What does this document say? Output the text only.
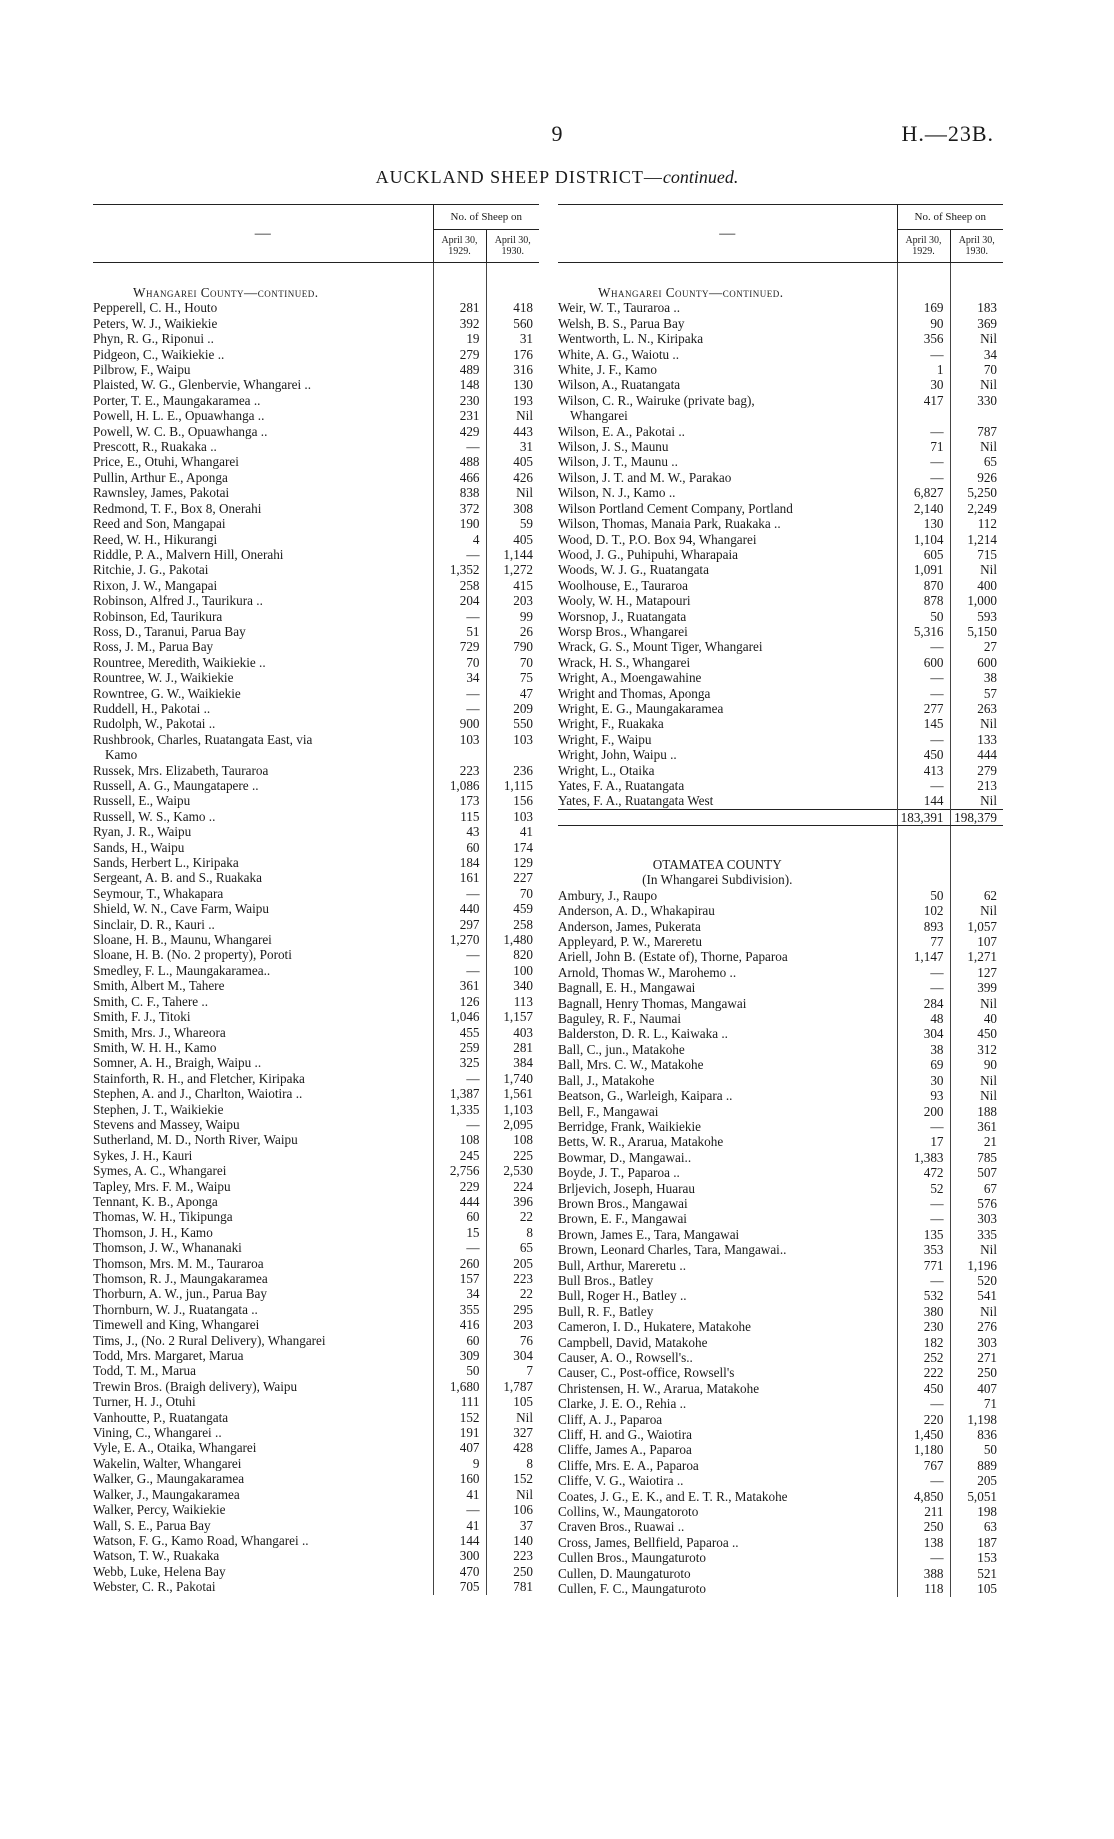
9	H.—23B.
AUCKLAND SHEEP DISTRICT—continued.
—	No. of Sheep on	
	April 30, 1929.	April 30, 1930.

Whangarei County—continued.		
Pepperell, C. H., Houto	281	418
Peters, W. J., Waikiekie	392	560
Phyn, R. G., Riponui ..	19	31
Pidgeon, C., Waikiekie ..	279	176
Pilbrow, F., Waipu	489	316
Plaisted, W. G., Glenbervie, Whangarei ..	148	130
Porter, T. E., Maungakaramea ..	230	193
Powell, H. L. E., Opuawhanga ..	231	Nil
Powell, W. C. B., Opuawhanga ..	429	443
Prescott, R., Ruakaka ..	—	31
Price, E., Otuhi, Whangarei	488	405
Pullin, Arthur E., Aponga	466	426
Rawnsley, James, Pakotai	838	Nil
Redmond, T. F., Box 8, Onerahi	372	308
Reed and Son, Mangapai	190	59
Reed, W. H., Hikurangi	4	405
Riddle, P. A., Malvern Hill, Onerahi	—	1,144
Ritchie, J. G., Pakotai	1,352	1,272
Rixon, J. W., Mangapai	258	415
Robinson, Alfred J., Taurikura ..	204	203
Robinson, Ed, Taurikura	—	99
Ross, D., Taranui, Parua Bay	51	26
Ross, J. M., Parua Bay	729	790
Rountree, Meredith, Waikiekie ..	70	70
Rountree, W. J., Waikiekie	34	75
Rowntree, G. W., Waikiekie	—	47
Ruddell, H., Pakotai ..	—	209
Rudolph, W., Pakotai ..	900	550
Rushbrook, Charles, Ruatangata East, via	103	103
Kamo		
Russek, Mrs. Elizabeth, Tauraroa	223	236
Russell, A. G., Maungatapere ..	1,086	1,115
Russell, E., Waipu	173	156
Russell, W. S., Kamo ..	115	103
Ryan, J. R., Waipu	43	41
Sands, H., Waipu	60	174
Sands, Herbert L., Kiripaka	184	129
Sergeant, A. B. and S., Ruakaka	161	227
Seymour, T., Whakapara	—	70
Shield, W. N., Cave Farm, Waipu	440	459
Sinclair, D. R., Kauri ..	297	258
Sloane, H. B., Maunu, Whangarei	1,270	1,480
Sloane, H. B. (No. 2 property), Poroti	—	820
Smedley, F. L., Maungakaramea..	—	100
Smith, Albert M., Tahere	361	340
Smith, C. F., Tahere ..	126	113
Smith, F. J., Titoki	1,046	1,157
Smith, Mrs. J., Whareora	455	403
Smith, W. H. H., Kamo	259	281
Somner, A. H., Braigh, Waipu ..	325	384
Stainforth, R. H., and Fletcher, Kiripaka	—	1,740
Stephen, A. and J., Charlton, Waiotira ..	1,387	1,561
Stephen, J. T., Waikiekie	1,335	1,103
Stevens and Massey, Waipu	—	2,095
Sutherland, M. D., North River, Waipu	108	108
Sykes, J. H., Kauri	245	225
Symes, A. C., Whangarei	2,756	2,530
Tapley, Mrs. F. M., Waipu	229	224
Tennant, K. B., Aponga	444	396
Thomas, W. H., Tikipunga	60	22
Thomson, J. H., Kamo	15	8
Thomson, J. W., Whananaki	—	65
Thomson, Mrs. M. M., Tauraroa	260	205
Thomson, R. J., Maungakaramea	157	223
Thorburn, A. W., jun., Parua Bay	34	22
Thornburn, W. J., Ruatangata ..	355	295
Timewell and King, Whangarei	416	203
Tims, J., (No. 2 Rural Delivery), Whangarei	60	76
Todd, Mrs. Margaret, Marua	309	304
Todd, T. M., Marua	50	7
Trewin Bros. (Braigh delivery), Waipu	1,680	1,787
Turner, H. J., Otuhi	111	105
Vanhoutte, P., Ruatangata	152	Nil
Vining, C., Whangarei ..	191	327
Vyle, E. A., Otaika, Whangarei	407	428
Wakelin, Walter, Whangarei	9	8
Walker, G., Maungakaramea	160	152
Walker, J., Maungakaramea	41	Nil
Walker, Percy, Waikiekie	—	106
Wall, S. E., Parua Bay	41	37
Watson, F. G., Kamo Road, Whangarei ..	144	140
Watson, T. W., Ruakaka	300	223
Webb, Luke, Helena Bay	470	250
Webster, C. R., Pakotai	705	781
—	No. of Sheep on	
	April 30, 1929.	April 30, 1930.

Whangarei County—continued.		
Weir, W. T., Tauraroa ..	169	183
Welsh, B. S., Parua Bay	90	369
Wentworth, L. N., Kiripaka	356	Nil
White, A. G., Waiotu ..	—	34
White, J. F., Kamo	1	70
Wilson, A., Ruatangata	30	Nil
Wilson, C. R., Wairuke (private bag),	417	330
Whangarei		
Wilson, E. A., Pakotai ..	—	787
Wilson, J. S., Maunu	71	Nil
Wilson, J. T., Maunu ..	—	65
Wilson, J. T. and M. W., Parakao	—	926
Wilson, N. J., Kamo ..	6,827	5,250
Wilson Portland Cement Company, Portland	2,140	2,249
Wilson, Thomas, Manaia Park, Ruakaka ..	130	112
Wood, D. T., P.O. Box 94, Whangarei	1,104	1,214
Wood, J. G., Puhipuhi, Wharapaia	605	715
Woods, W. J. G., Ruatangata	1,091	Nil
Woolhouse, E., Tauraroa	870	400
Wooly, W. H., Matapouri	878	1,000
Worsnop, J., Ruatangata	50	593
Worsp Bros., Whangarei	5,316	5,150
Wrack, G. S., Mount Tiger, Whangarei	—	27
Wrack, H. S., Whangarei	600	600
Wright, A., Moengawahine	—	38
Wright and Thomas, Aponga	—	57
Wright, E. G., Maungakaramea	277	263
Wright, F., Ruakaka	145	Nil
Wright, F., Waipu	—	133
Wright, John, Waipu ..	450	444
Wright, L., Otaika	413	279
Yates, F. A., Ruatangata	—	213
Yates, F. A., Ruatangata West	144	Nil
	183,391	198,379

OTAMATEA COUNTY		
(In Whangarei Subdivision).		
Ambury, J., Raupo	50	62
Anderson, A. D., Whakapirau	102	Nil
Anderson, James, Pukerata	893	1,057
Appleyard, P. W., Mareretu	77	107
Ariell, John B. (Estate of), Thorne, Paparoa	1,147	1,271
Arnold, Thomas W., Marohemo ..	—	127
Bagnall, E. H., Mangawai	—	399
Bagnall, Henry Thomas, Mangawai	284	Nil
Baguley, R. F., Naumai	48	40
Balderston, D. R. L., Kaiwaka ..	304	450
Ball, C., jun., Matakohe	38	312
Ball, Mrs. C. W., Matakohe	69	90
Ball, J., Matakohe	30	Nil
Beatson, G., Warleigh, Kaipara ..	93	Nil
Bell, F., Mangawai	200	188
Berridge, Frank, Waikiekie	—	361
Betts, W. R., Ararua, Matakohe	17	21
Bowmar, D., Mangawai..	1,383	785
Boyde, J. T., Paparoa ..	472	507
Brljevich, Joseph, Huarau	52	67
Brown Bros., Mangawai	—	576
Brown, E. F., Mangawai	—	303
Brown, James E., Tara, Mangawai	135	335
Brown, Leonard Charles, Tara, Mangawai..	353	Nil
Bull, Arthur, Mareretu ..	771	1,196
Bull Bros., Batley	—	520
Bull, Roger H., Batley ..	532	541
Bull, R. F., Batley	380	Nil
Cameron, I. D., Hukatere, Matakohe	230	276
Campbell, David, Matakohe	182	303
Causer, A. O., Rowsell's..	252	271
Causer, C., Post-office, Rowsell's	222	250
Christensen, H. W., Ararua, Matakohe	450	407
Clarke, J. E. O., Rehia ..	—	71
Cliff, A. J., Paparoa	220	1,198
Cliff, H. and G., Waiotira	1,450	836
Cliffe, James A., Paparoa	1,180	50
Cliffe, Mrs. E. A., Paparoa	767	889
Cliffe, V. G., Waiotira ..	—	205
Coates, J. G., E. K., and E. T. R., Matakohe	4,850	5,051
Collins, W., Maungatoroto	211	198
Craven Bros., Ruawai ..	250	63
Cross, James, Bellfield, Paparoa ..	138	187
Cullen Bros., Maungaturoto	—	153
Cullen, D. Maungaturoto	388	521
Cullen, F. C., Maungaturoto	118	105
